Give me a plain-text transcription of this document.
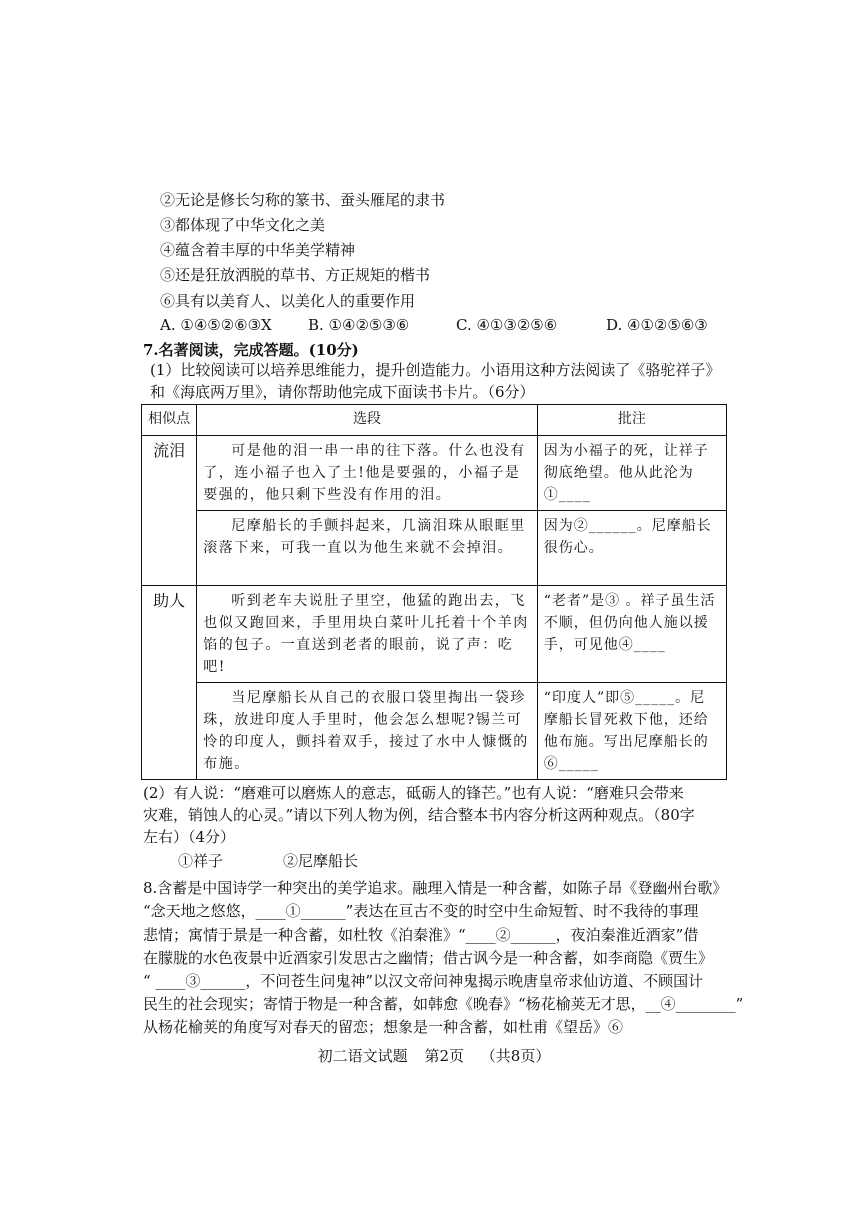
②无论是修长匀称的篆书、蚕头雁尾的隶书
③都体现了中华文化之美
④蕴含着丰厚的中华美学精神
⑤还是狂放洒脱的草书、方正规矩的楷书
⑥具有以美育人、以美化人的重要作用
A. ①④⑤②⑥③X B. ①④②⑤③⑥	C. ④①③②⑤⑥	D. ④①②⑤⑥③
7.名著阅读，完成答题。(10分)
(1）比较阅读可以培养思维能力，提升创造能力。小语用这种方法阅读了《骆驼祥子》
和《海底两万里》，请你帮助他完成下面读书卡片。（6分）
相似点	选段	批注
流泪	可是他的泪一串一串的往下落。什么也没有了，连小福子也入了土!他是要强的，小福子是要强的，他只剩下些没有作用的泪。	因为小福子的死，让祥子彻底绝望。他从此沦为①____
	尼摩船长的手颤抖起来，几滴泪珠从眼眶里滚落下来，可我一直以为他生来就不会掉泪。	因为②______。尼摩船长很伤心。
助人	听到老车夫说肚子里空，他猛的跑出去，飞也似又跑回来，手里用块白菜叶儿托着十个羊肉馅的包子。一直送到老者的眼前，说了声：吃吧!	“老者”是③ 。祥子虽生活不顺，但仍向他人施以援手，可见他④____
	当尼摩船长从自己的衣服口袋里掏出一袋珍珠，放进印度人手里时，他会怎么想呢?锡兰可怜的印度人，颤抖着双手，接过了水中人慷慨的布施。	“印度人”即⑤_____。尼摩船长冒死救下他，还给他布施。写出尼摩船长的⑥_____
(2）有人说：“磨难可以磨炼人的意志，砥砺人的锋芒。”也有人说：“磨难只会带来
灾难，销蚀人的心灵。”请以下列人物为例，结合整本书内容分析这两种观点。（80字
左右）（4分）
①祥子	②尼摩船长
8.含蓄是中国诗学一种突出的美学追求。融理入情是一种含蓄，如陈子昂《登幽州台歌》
“念天地之悠悠，____①______”表达在亘古不变的时空中生命短暂、时不我待的事理
悲情；寓情于景是一种含蓄，如杜牧《泊秦淮》“____②______，夜泊秦淮近酒家”借
在朦胧的水色夜景中近酒家引发思古之幽情；借古讽今是一种含蓄，如李商隐《贾生》
“ ____③______，不问苍生问鬼神”以汉文帝问神鬼揭示晚唐皇帝求仙访道、不顾国计
民生的社会现实；寄情于物是一种含蓄，如韩愈《晚春》“杨花榆荚无才思，__④________”
从杨花榆荚的角度写对春天的留恋；想象是一种含蓄，如杜甫《望岳》⑥
初二语文试题 第2页 （共8页）
